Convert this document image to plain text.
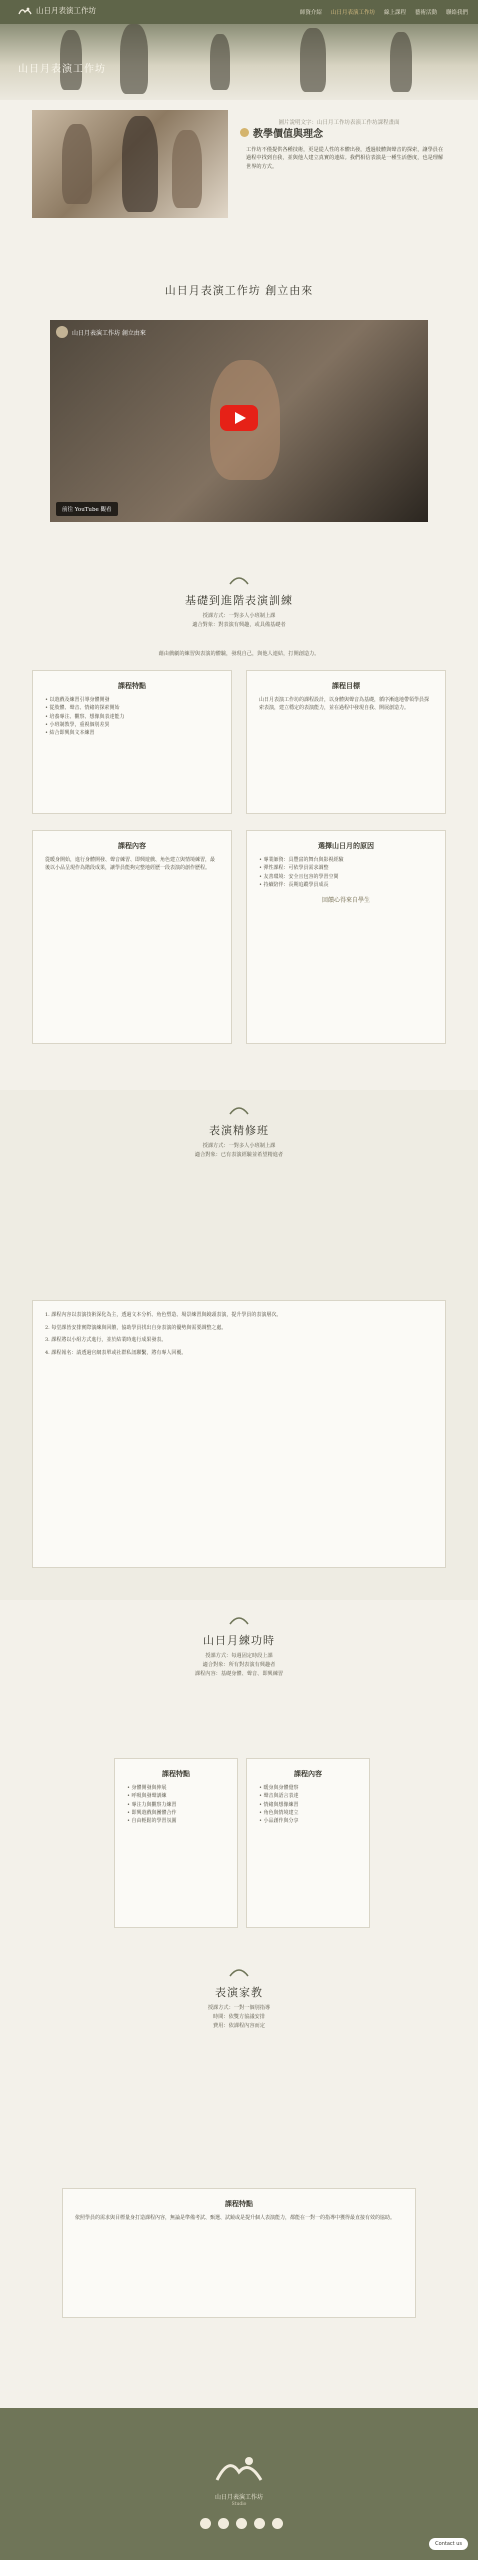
山日月表演工作坊	師資介紹 山日月表演工作坊 線上課程 藝術活動 聯絡我們
山日月表演工作坊
圖片說明文字：山日月工作坊表演工作坊課程畫面
教學價值與理念
工作坊不僅提供各種技術，更是從人性的本體出發，透過肢體與聲音的探索，讓學員在過程中找到自我，並與他人建立真實的連結。我們相信表演是一種生活態度，也是理解世界的方式。
山日月表演工作坊 創立由來
山日月表演工作坊 創立由來
前往 YouTube 觀看
基礎到進階表演訓練
授課方式：一對多人小班制上課
適合對象：對表演有興趣，或具備基礎者
藉由戲劇的練習與表演的體驗，發現自己，與他人連結，打開創造力。
課程特點
• 以遊戲及練習引導身體開發
• 從肢體、聲音、情緒的探索開始
• 培養專注、觀察、想像與表達能力
• 小班制教學，重視個別差異
• 結合即興與文本練習
課程目標
山日月表演工作坊的課程設計，以身體與聲音為基礎，循序漸進地帶領學員探索表演，建立穩定的表演能力，並在過程中發現自我、開展創造力。
課程內容
從暖身開始，進行身體開發、聲音練習、即興遊戲、角色建立與情境練習，最後以小品呈現作為階段成果，讓學員能夠完整地經歷一段表演的創作歷程。
選擇山日月的原因
• 專業師資：具豐富的舞台與影視經驗
• 彈性課程：可依學員需求調整
• 友善環境：安全且包容的學習空間
• 持續陪伴：長期追蹤學員成長
回饋心得來自學生
表演精修班
授課方式：一對多人小班制上課
適合對象：已有表演經驗並希望精進者

1. 課程內容以表演技術深化為主，透過文本分析、角色塑造、場景練習與鏡頭表演，提升學員的表演層次。

2. 每堂課皆安排實際演練與回饋，協助學員找出自身表演的優勢與需要調整之處。

3. 課程將以小組方式進行，並於結業時進行成果發表。

4. 課程報名：請透過官網表單或社群私訊聯繫，將有專人回覆。

山日月練功時
授課方式：每週固定時段上課
適合對象：所有對表演有興趣者
課程內容：基礎身體、聲音、即興練習
課程特點
• 身體開發與伸展
• 呼吸與發聲訓練
• 專注力與觀察力練習
• 即興遊戲與團體合作
• 自由輕鬆的學習氛圍
課程內容
• 暖身與身體覺察
• 聲音與語言表達
• 情緒與想像練習
• 角色與情境建立
• 小品創作與分享
表演家教
授課方式：一對一個別指導
時間：依雙方協議安排
費用：依課程內容而定
課程特點
依照學員的需求與目標量身打造課程內容，無論是準備考試、甄選、試鏡或是提升個人表演能力，都能在一對一的指導中獲得最直接有效的協助。
山日月表演工作坊
Studio
Contact us
